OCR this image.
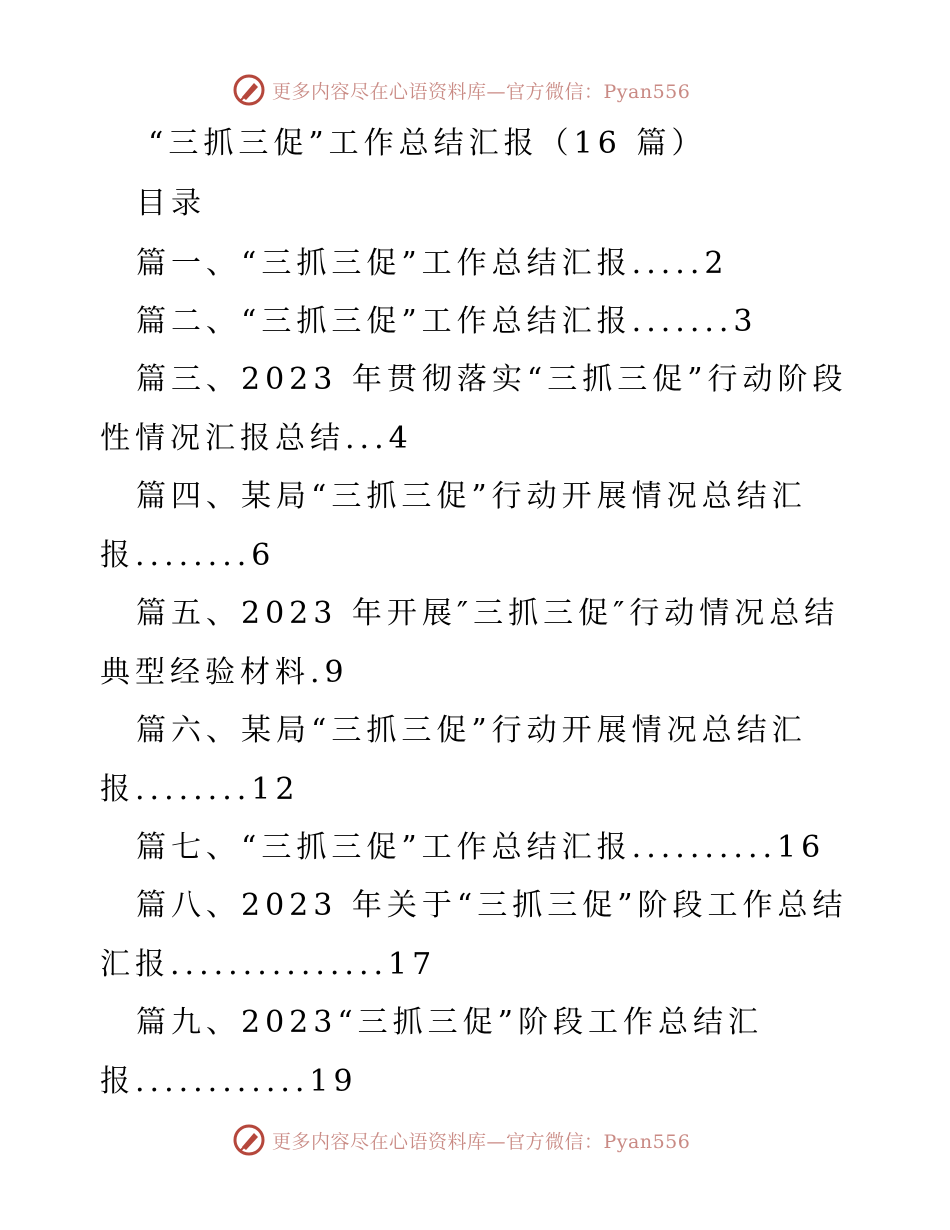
更多内容尽在心语资料库—官方微信：Pyan556
“三抓三促”工作总结汇报（16 篇）
目录
篇一、“三抓三促”工作总结汇报.....2
篇二、“三抓三促”工作总结汇报.......3
篇三、2023 年贯彻落实“三抓三促”行动阶段
性情况汇报总结...4
篇四、某局“三抓三促”行动开展情况总结汇
报........6
篇五、2023 年开展″三抓三促″行动情况总结
典型经验材料.9
篇六、某局“三抓三促”行动开展情况总结汇
报........12
篇七、“三抓三促”工作总结汇报..........16
篇八、2023 年关于“三抓三促”阶段工作总结
汇报...............17
篇九、2023“三抓三促”阶段工作总结汇
报............19
更多内容尽在心语资料库—官方微信：Pyan556
